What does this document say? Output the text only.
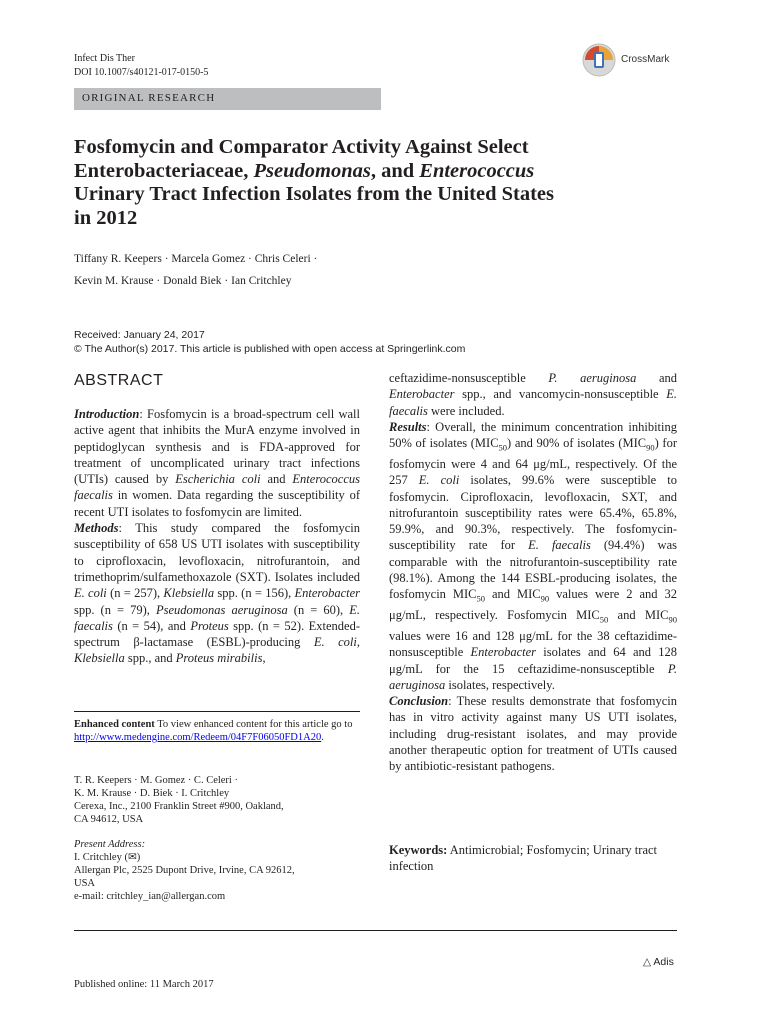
Infect Dis Ther
DOI 10.1007/s40121-017-0150-5
CrossMark
ORIGINAL RESEARCH
Fosfomycin and Comparator Activity Against Select
Enterobacteriaceae, Pseudomonas, and Enterococcus
Urinary Tract Infection Isolates from the United States
in 2012
Tiffany R. Keepers · Marcela Gomez · Chris Celeri ·
Kevin M. Krause · Donald Biek · Ian Critchley
Received: January 24, 2017
© The Author(s) 2017. This article is published with open access at Springerlink.com
ABSTRACT

Introduction: Fosfomycin is a broad-spectrum cell wall active agent that inhibits the MurA enzyme involved in peptidoglycan synthesis and is FDA-approved for treatment of uncomplicated urinary tract infections (UTIs) caused by Escherichia coli and Enterococcus faecalis in women. Data regarding the susceptibility of recent UTI isolates to fosfomycin are limited.

Methods: This study compared the fosfomycin susceptibility of 658 US UTI isolates with susceptibility to ciprofloxacin, levofloxacin, nitrofurantoin, and trimethoprim/sulfamethoxazole (SXT). Isolates included E. coli (n = 257), Klebsiella spp. (n = 156), Enterobacter spp. (n = 79), Pseudomonas aeruginosa (n = 60), E. faecalis (n = 54), and Proteus spp. (n = 52). Extended-spectrum β-lactamase (ESBL)-producing E. coli, Klebsiella spp., and Proteus mirabilis,

ceftazidime-nonsusceptible P. aeruginosa and Enterobacter spp., and vancomycin-nonsusceptible E. faecalis were included.

Results: Overall, the minimum concentration inhibiting 50% of isolates $(MIC_{50})$ and 90% of isolates $(MIC_{90})$ for fosfomycin were 4 and 64 μg/mL, respectively. Of the 257 E. coli isolates, 99.6% were susceptible to fosfomycin. Ciprofloxacin, levofloxacin, SXT, and nitrofurantoin susceptibility rates were 65.4%, 65.8%, 59.9%, and 90.3%, respectively. The fosfomycin-susceptibility rate for E. faecalis (94.4%) was comparable with the nitrofurantoin-susceptibility rate (98.1%). Among the 144 ESBL-producing isolates, the fosfomycin $MIC_{50}$ and $MIC_{90}$ values were 2 and 32 μg/mL, respectively. Fosfomycin $MIC_{50}$ and $MIC_{90}$ values were 16 and 128 μg/mL for the 38 ceftazidime-nonsusceptible Enterobacter isolates and 64 and 128 μg/mL for the 15 ceftazidime-nonsusceptible P. aeruginosa isolates, respectively.

Conclusion: These results demonstrate that fosfomycin has in vitro activity against many US UTI isolates, including drug-resistant isolates, and may provide another therapeutic option for treatment of UTIs caused by antibiotic-resistant pathogens.

Enhanced content To view enhanced content for this article go to http://www.medengine.com/Redeem/04F7F06050FD1A20.
T. R. Keepers · M. Gomez · C. Celeri ·
K. M. Krause · D. Biek · I. Critchley
Cerexa, Inc., 2100 Franklin Street #900, Oakland,
CA 94612, USA
Present Address:
I. Critchley (✉)
Allergan Plc, 2525 Dupont Drive, Irvine, CA 92612,
USA
e-mail: critchley_ian@allergan.com
Keywords: Antimicrobial; Fosfomycin; Urinary tract infection
Published online: 11 March 2017
△ Adis
